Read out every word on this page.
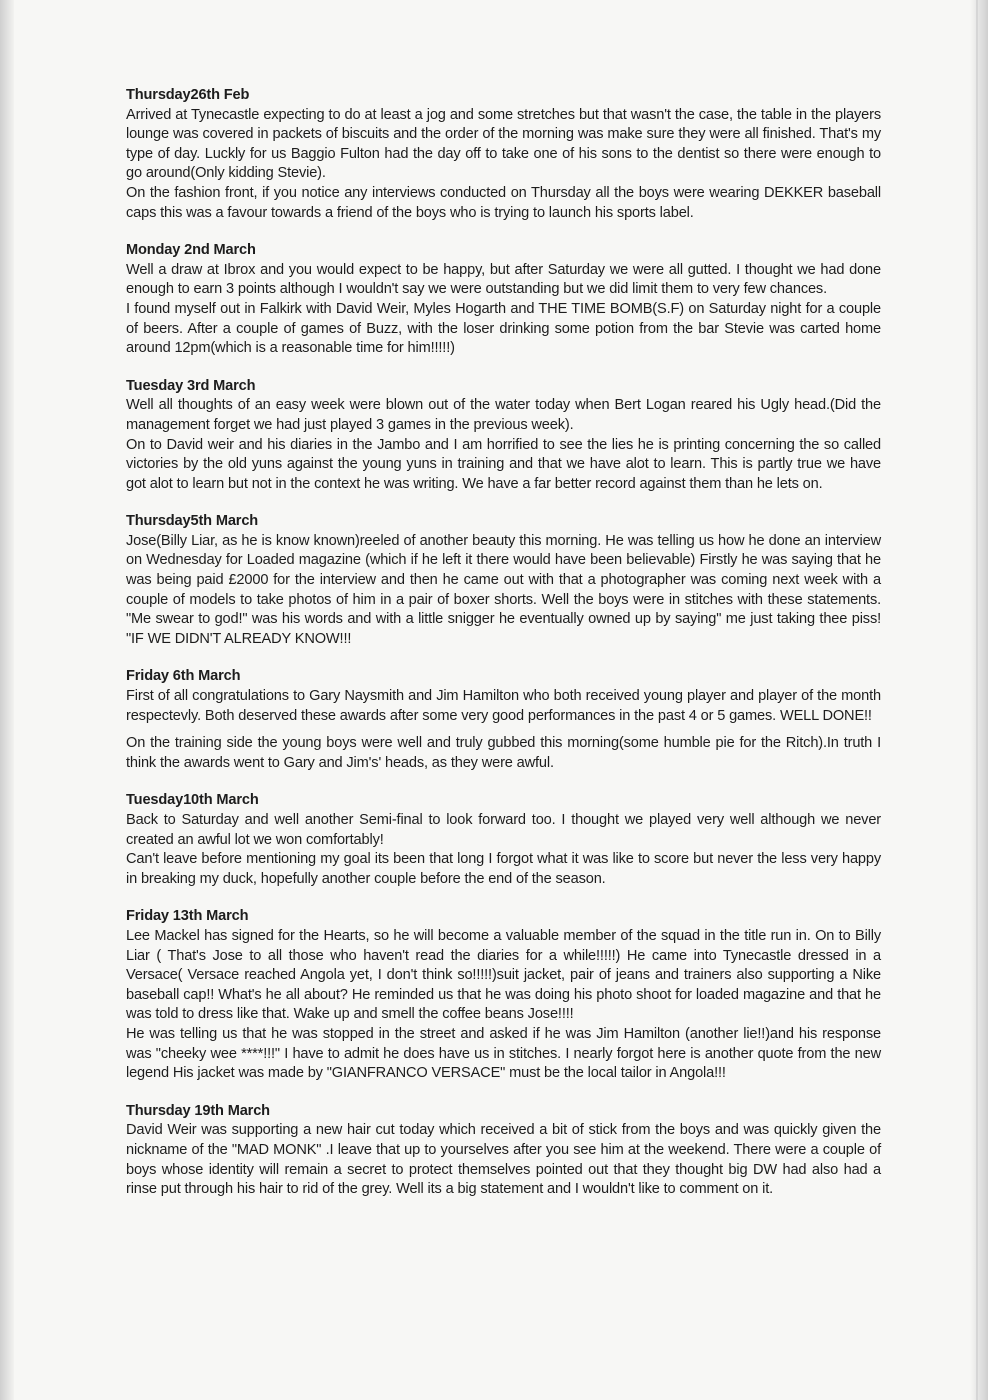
Thursday26th Feb

Arrived at Tynecastle expecting to do at least a jog and some stretches but that wasn't the case, the table in the players lounge was covered in packets of biscuits and the order of the morning was make sure they were all finished. That's my type of day. Luckly for us Baggio Fulton had the day off to take one of his sons to the dentist so there were enough to go around(Only kidding Stevie).

On the fashion front, if you notice any interviews conducted on Thursday all the boys were wearing DEKKER baseball caps this was a favour towards a friend of the boys who is trying to launch his sports label.

Monday 2nd March

Well a draw at Ibrox and you would expect to be happy, but after Saturday we were all gutted. I thought we had done enough to earn 3 points although I wouldn't say we were outstanding but we did limit them to very few chances.

I found myself out in Falkirk with David Weir, Myles Hogarth and THE TIME BOMB(S.F) on Saturday night for a couple of beers. After a couple of games of Buzz, with the loser drinking some potion from the bar Stevie was carted home around 12pm(which is a reasonable time for him!!!!!)

Tuesday 3rd March

Well all thoughts of an easy week were blown out of the water today when Bert Logan reared his Ugly head.(Did the management forget we had just played 3 games in the previous week).

On to David weir and his diaries in the Jambo and I am horrified to see the lies he is printing concerning the so called victories by the old yuns against the young yuns in training and that we have alot to learn. This is partly true we have got alot to learn but not in the context he was writing. We have a far better record against them than he lets on.

Thursday5th March

Jose(Billy Liar, as he is know known)reeled of another beauty this morning. He was telling us how he done an interview on Wednesday for Loaded magazine (which if he left it there would have been believable) Firstly he was saying that he was being paid £2000 for the interview and then he came out with that a photographer was coming next week with a couple of models to take photos of him in a pair of boxer shorts. Well the boys were in stitches with these statements. "Me swear to god!" was his words and with a little snigger he eventually owned up by saying" me just taking thee piss! "IF WE DIDN'T ALREADY KNOW!!!

Friday 6th March

First of all congratulations to Gary Naysmith and Jim Hamilton who both received young player and player of the month respectevly. Both deserved these awards after some very good performances in the past 4 or 5 games. WELL DONE!!

On the training side the young boys were well and truly gubbed this morning(some humble pie for the Ritch).In truth I think the awards went to Gary and Jim's' heads, as they were awful.

Tuesday10th March

Back to Saturday and well another Semi-final to look forward too. I thought we played very well although we never created an awful lot we won comfortably!

Can't leave before mentioning my goal its been that long I forgot what it was like to score but never the less very happy in breaking my duck, hopefully another couple before the end of the season.

Friday 13th March

Lee Mackel has signed for the Hearts, so he will become a valuable member of the squad in the title run in. On to Billy Liar ( That's Jose to all those who haven't read the diaries for a while!!!!!) He came into Tynecastle dressed in a Versace( Versace reached Angola yet, I don't think so!!!!!)suit jacket, pair of jeans and trainers also supporting a Nike baseball cap!! What's he all about? He reminded us that he was doing his photo shoot for loaded magazine and that he was told to dress like that. Wake up and smell the coffee beans Jose!!!!

He was telling us that he was stopped in the street and asked if he was Jim Hamilton (another lie!!)and his response was "cheeky wee ****!!!" I have to admit he does have us in stitches. I nearly forgot here is another quote from the new legend His jacket was made by "GIANFRANCO VERSACE" must be the local tailor in Angola!!!

Thursday 19th March

David Weir was supporting a new hair cut today which received a bit of stick from the boys and was quickly given the nickname of the "MAD MONK" .I leave that up to yourselves after you see him at the weekend. There were a couple of boys whose identity will remain a secret to protect themselves pointed out that they thought big DW had also had a rinse put through his hair to rid of the grey. Well its a big statement and I wouldn't like to comment on it.
